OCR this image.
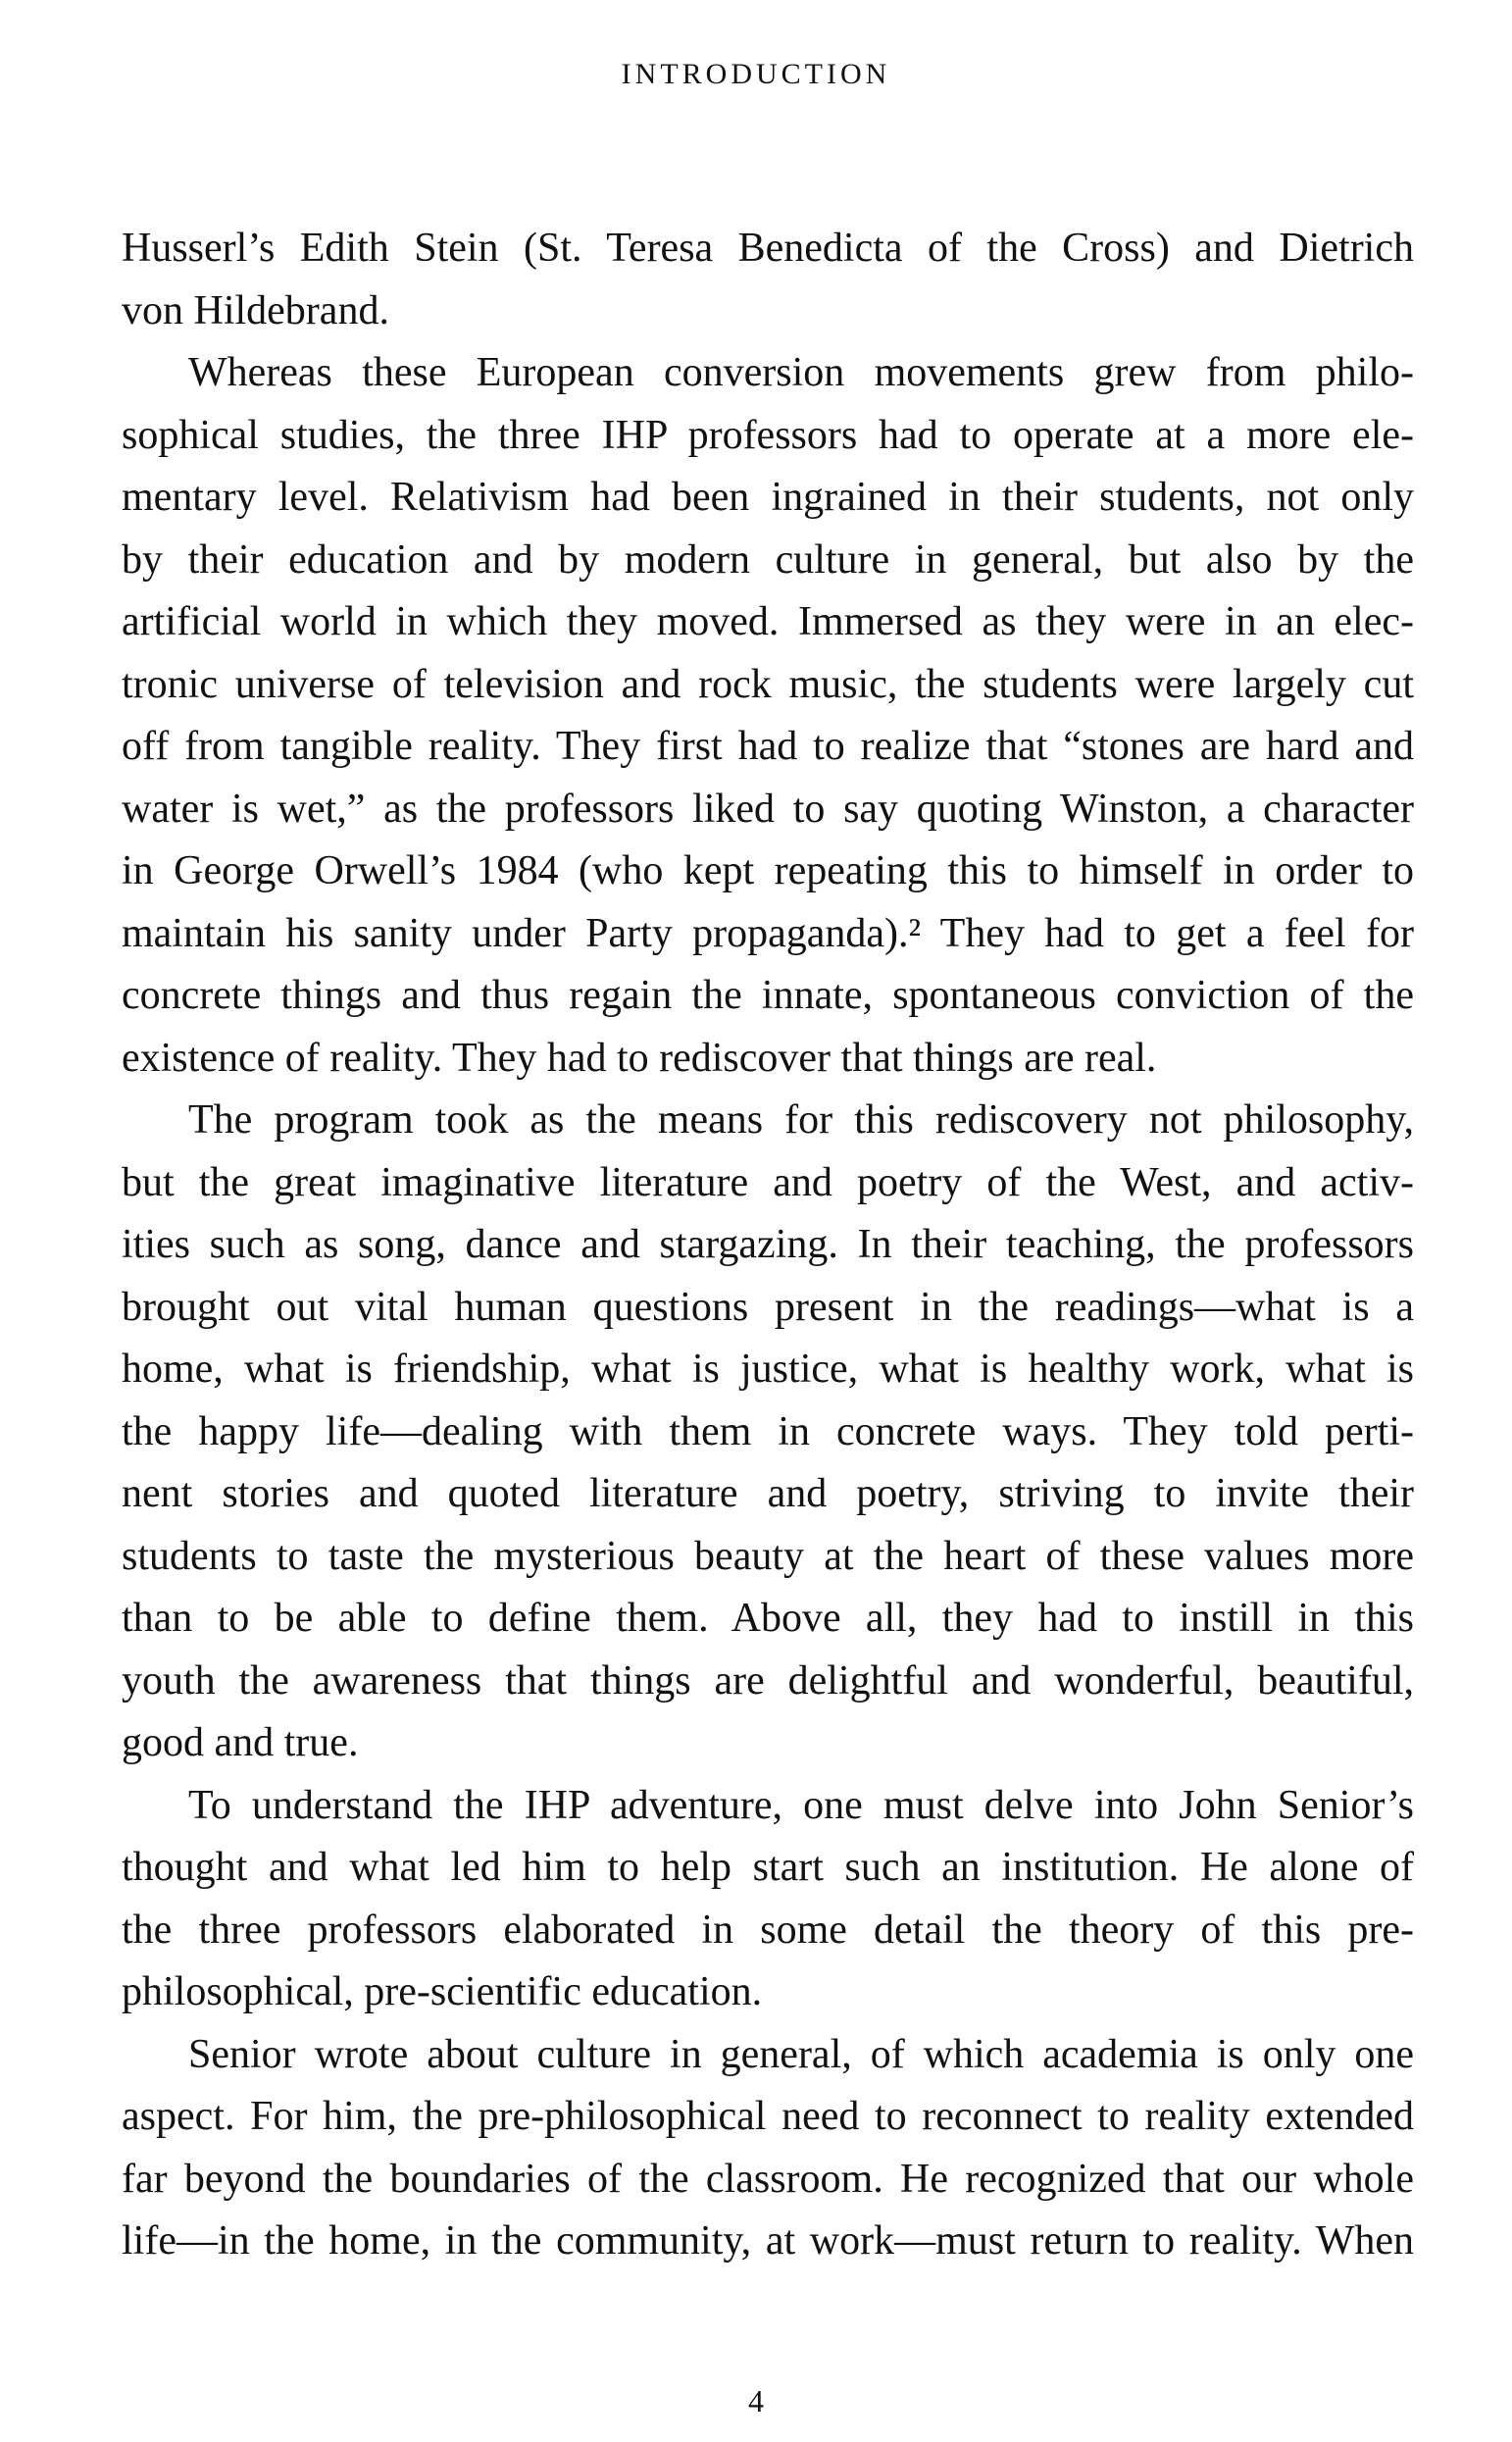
INTRODUCTION
Husserl’s Edith Stein (St. Teresa Benedicta of the Cross) and Dietrich
von Hildebrand.
Whereas these European conversion movements grew from philo-
sophical studies, the three IHP professors had to operate at a more ele-
mentary level. Relativism had been ingrained in their students, not only
by their education and by modern culture in general, but also by the
artificial world in which they moved. Immersed as they were in an elec-
tronic universe of television and rock music, the students were largely cut
off from tangible reality. They first had to realize that “stones are hard and
water is wet,” as the professors liked to say quoting Winston, a character
in George Orwell’s 1984 (who kept repeating this to himself in order to
maintain his sanity under Party propaganda).² They had to get a feel for
concrete things and thus regain the innate, spontaneous conviction of the
existence of reality. They had to rediscover that things are real.
The program took as the means for this rediscovery not philosophy,
but the great imaginative literature and poetry of the West, and activ-
ities such as song, dance and stargazing. In their teaching, the professors
brought out vital human questions present in the readings—what is a
home, what is friendship, what is justice, what is healthy work, what is
the happy life—dealing with them in concrete ways. They told perti-
nent stories and quoted literature and poetry, striving to invite their
students to taste the mysterious beauty at the heart of these values more
than to be able to define them. Above all, they had to instill in this
youth the awareness that things are delightful and wonderful, beautiful,
good and true.
To understand the IHP adventure, one must delve into John Senior’s
thought and what led him to help start such an institution. He alone of
the three professors elaborated in some detail the theory of this pre-
philosophical, pre-scientific education.
Senior wrote about culture in general, of which academia is only one
aspect. For him, the pre-philosophical need to reconnect to reality extended
far beyond the boundaries of the classroom. He recognized that our whole
life—in the home, in the community, at work—must return to reality. When
4
